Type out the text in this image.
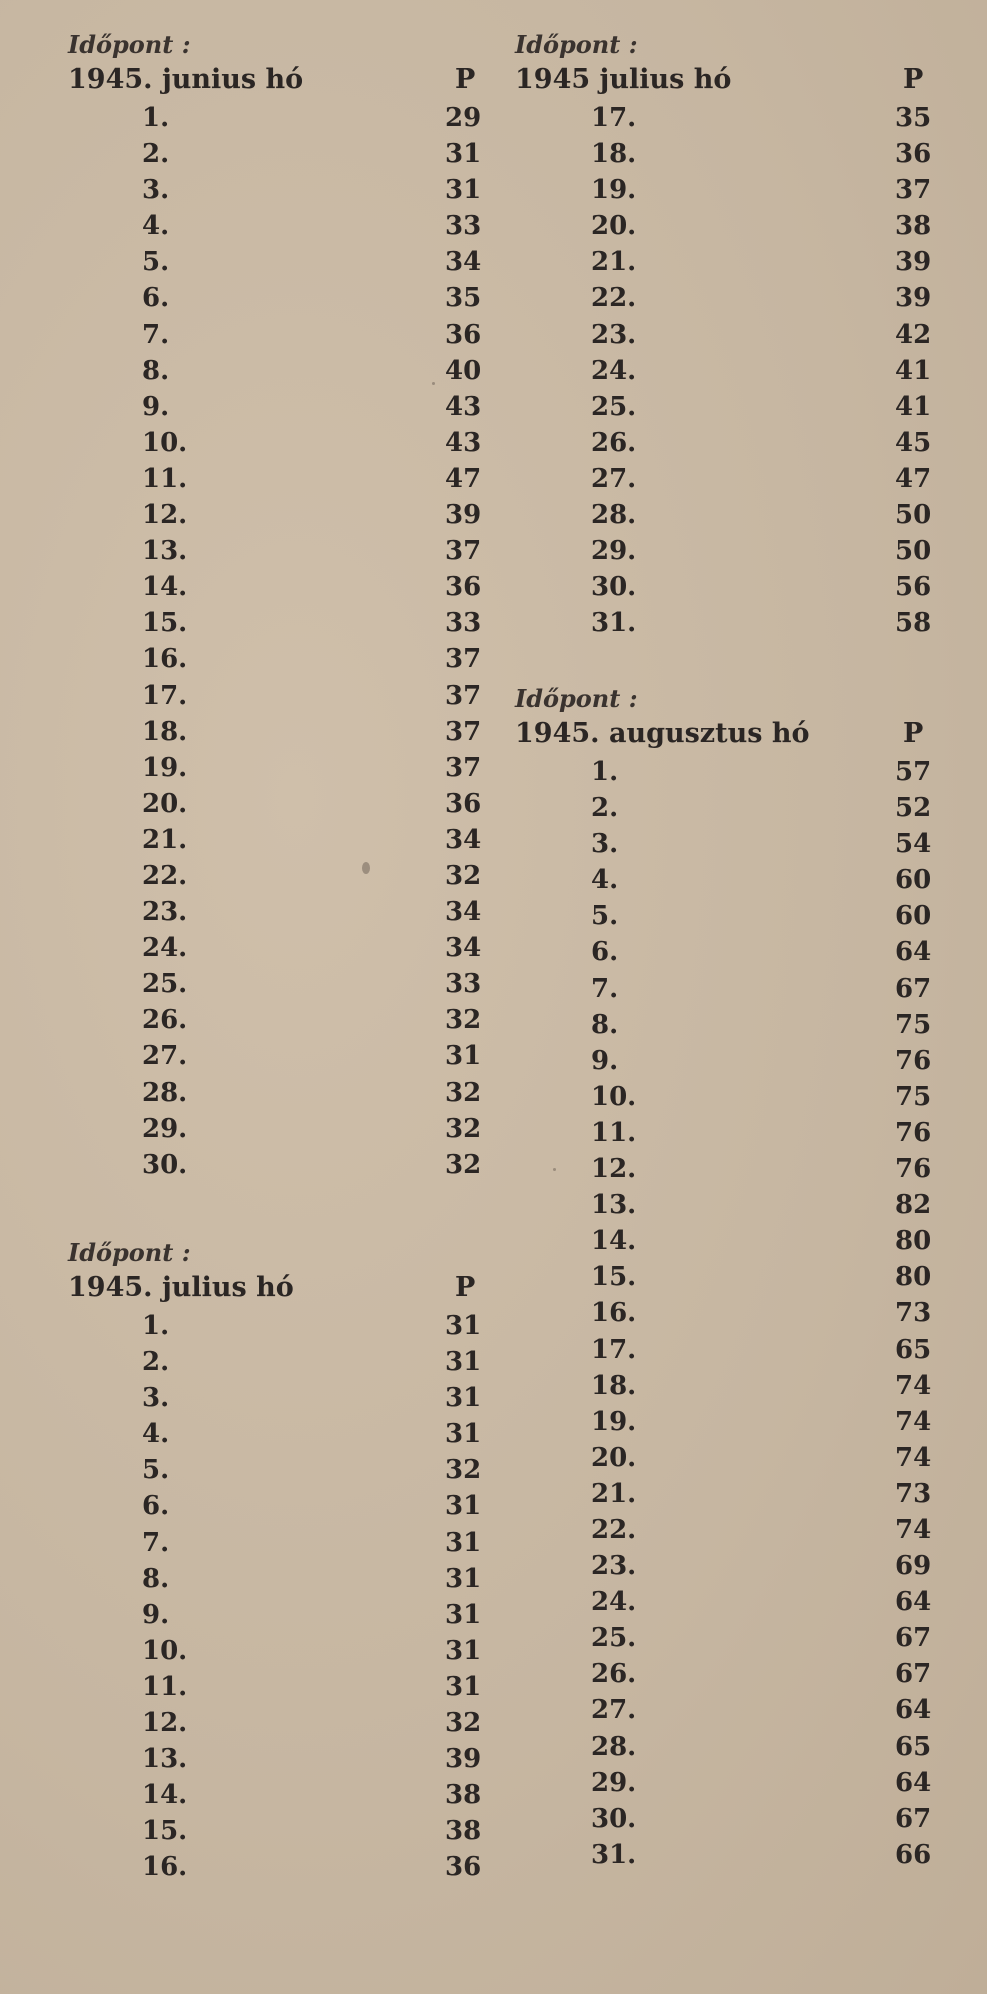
Időpont :
1945. junius hó	P
1.	29
2.	31
3.	31
4.	33
5.	34
6.	35
7.	36
8.	40
9.	43
10.	43
11.	47
12.	39
13.	37
14.	36
15.	33
16.	37
17.	37
18.	37
19.	37
20.	36
21.	34
22.	32
23.	34
24.	34
25.	33
26.	32
27.	31
28.	32
29.	32
30.	32
Időpont :
1945. julius hó	P
1.	31
2.	31
3.	31
4.	31
5.	32
6.	31
7.	31
8.	31
9.	31
10.	31
11.	31
12.	32
13.	39
14.	38
15.	38
16.	36
Időpont :
1945 julius hó	P
17.	35
18.	36
19.	37
20.	38
21.	39
22.	39
23.	42
24.	41
25.	41
26.	45
27.	47
28.	50
29.	50
30.	56
31.	58
Időpont :
1945. augusztus hó	P
1.	57
2.	52
3.	54
4.	60
5.	60
6.	64
7.	67
8.	75
9.	76
10.	75
11.	76
12.	76
13.	82
14.	80
15.	80
16.	73
17.	65
18.	74
19.	74
20.	74
21.	73
22.	74
23.	69
24.	64
25.	67
26.	67
27.	64
28.	65
29.	64
30.	67
31.	66
